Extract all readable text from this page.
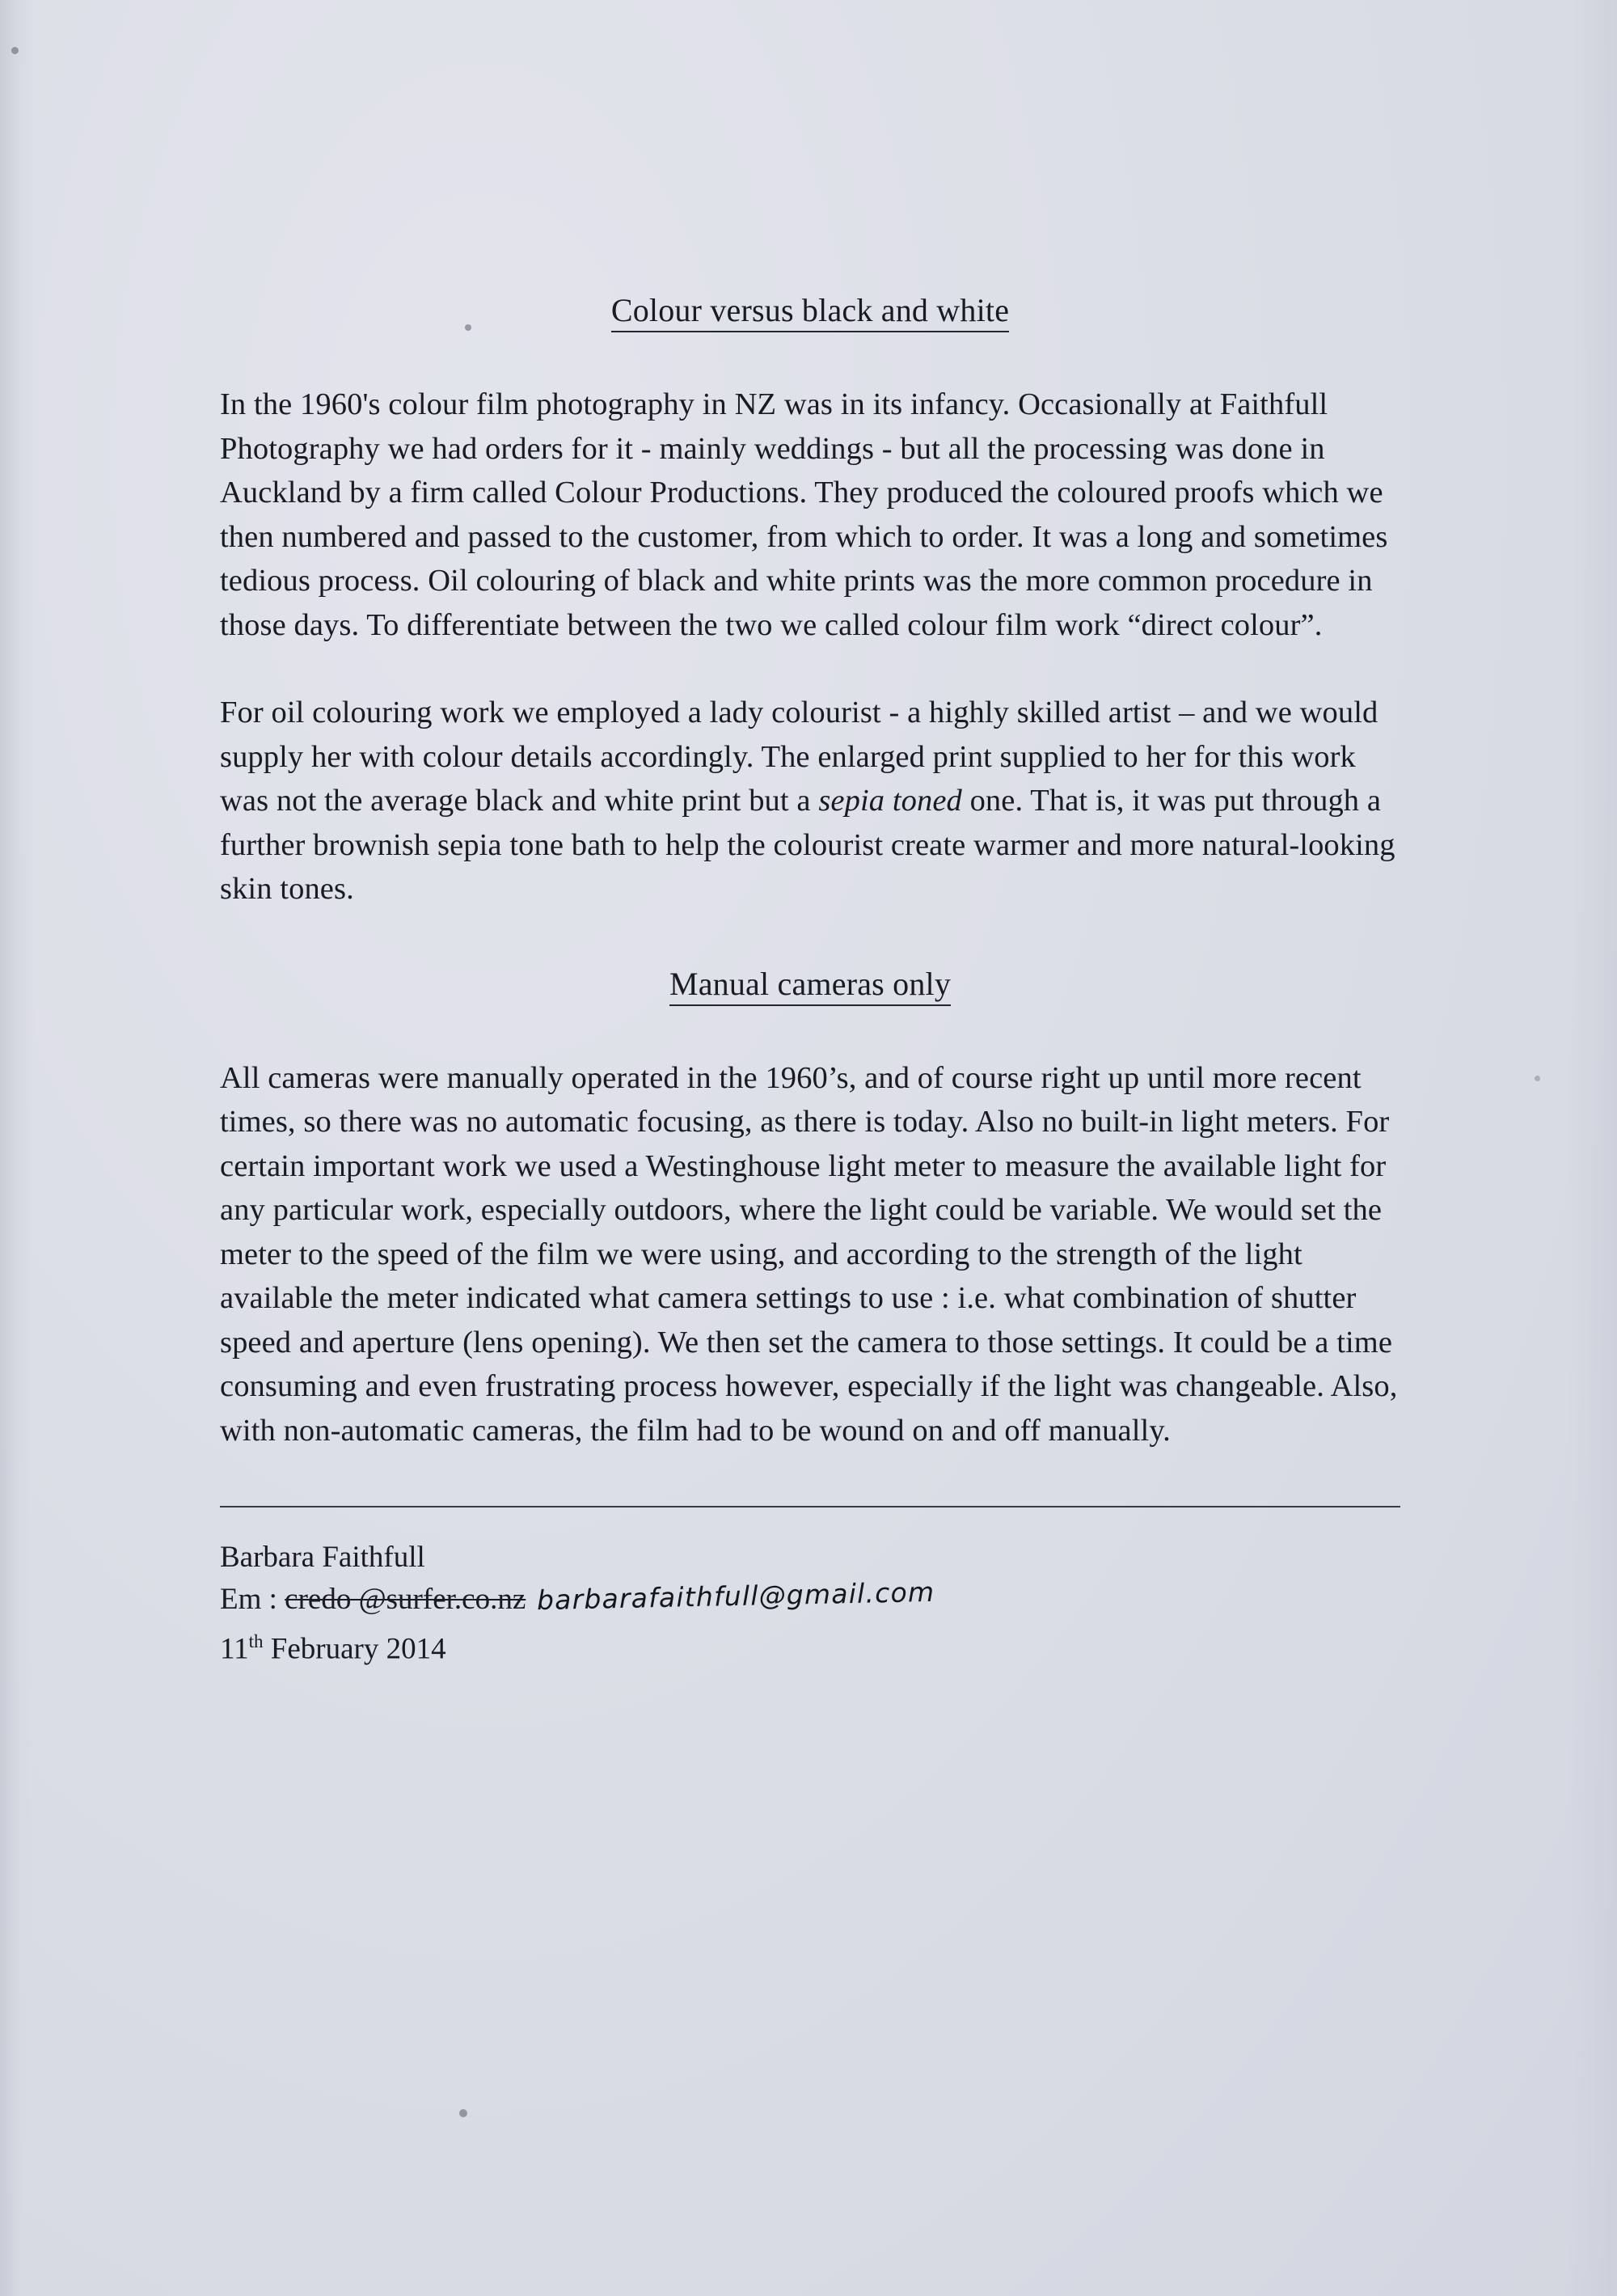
Colour versus black and white

In the 1960's colour film photography in NZ was in its infancy. Occasionally at Faithfull Photography we had orders for it - mainly weddings - but all the processing was done in Auckland by a firm called Colour Productions. They produced the coloured proofs which we then numbered and passed to the customer, from which to order. It was a long and sometimes tedious process. Oil colouring of black and white prints was the more common procedure in those days. To differentiate between the two we called colour film work “direct colour”.

For oil colouring work we employed a lady colourist - a highly skilled artist – and we would supply her with colour details accordingly. The enlarged print supplied to her for this work was not the average black and white print but a sepia toned one. That is, it was put through a further brownish sepia tone bath to help the colourist create warmer and more natural-looking skin tones.

Manual cameras only

All cameras were manually operated in the 1960’s, and of course right up until more recent times, so there was no automatic focusing, as there is today. Also no built-in light meters. For certain important work we used a Westinghouse light meter to measure the available light for any particular work, especially outdoors, where the light could be variable. We would set the meter to the speed of the film we were using, and according to the strength of the light available the meter indicated what camera settings to use : i.e. what combination of shutter speed and aperture (lens opening). We then set the camera to those settings. It could be a time consuming and even frustrating process however, especially if the light was changeable. Also, with non-automatic cameras, the film had to be wound on and off manually.

Barbara Faithfull
Em : credo @surfer.co.nz barbarafaithfull@gmail.com
11th February 2014
